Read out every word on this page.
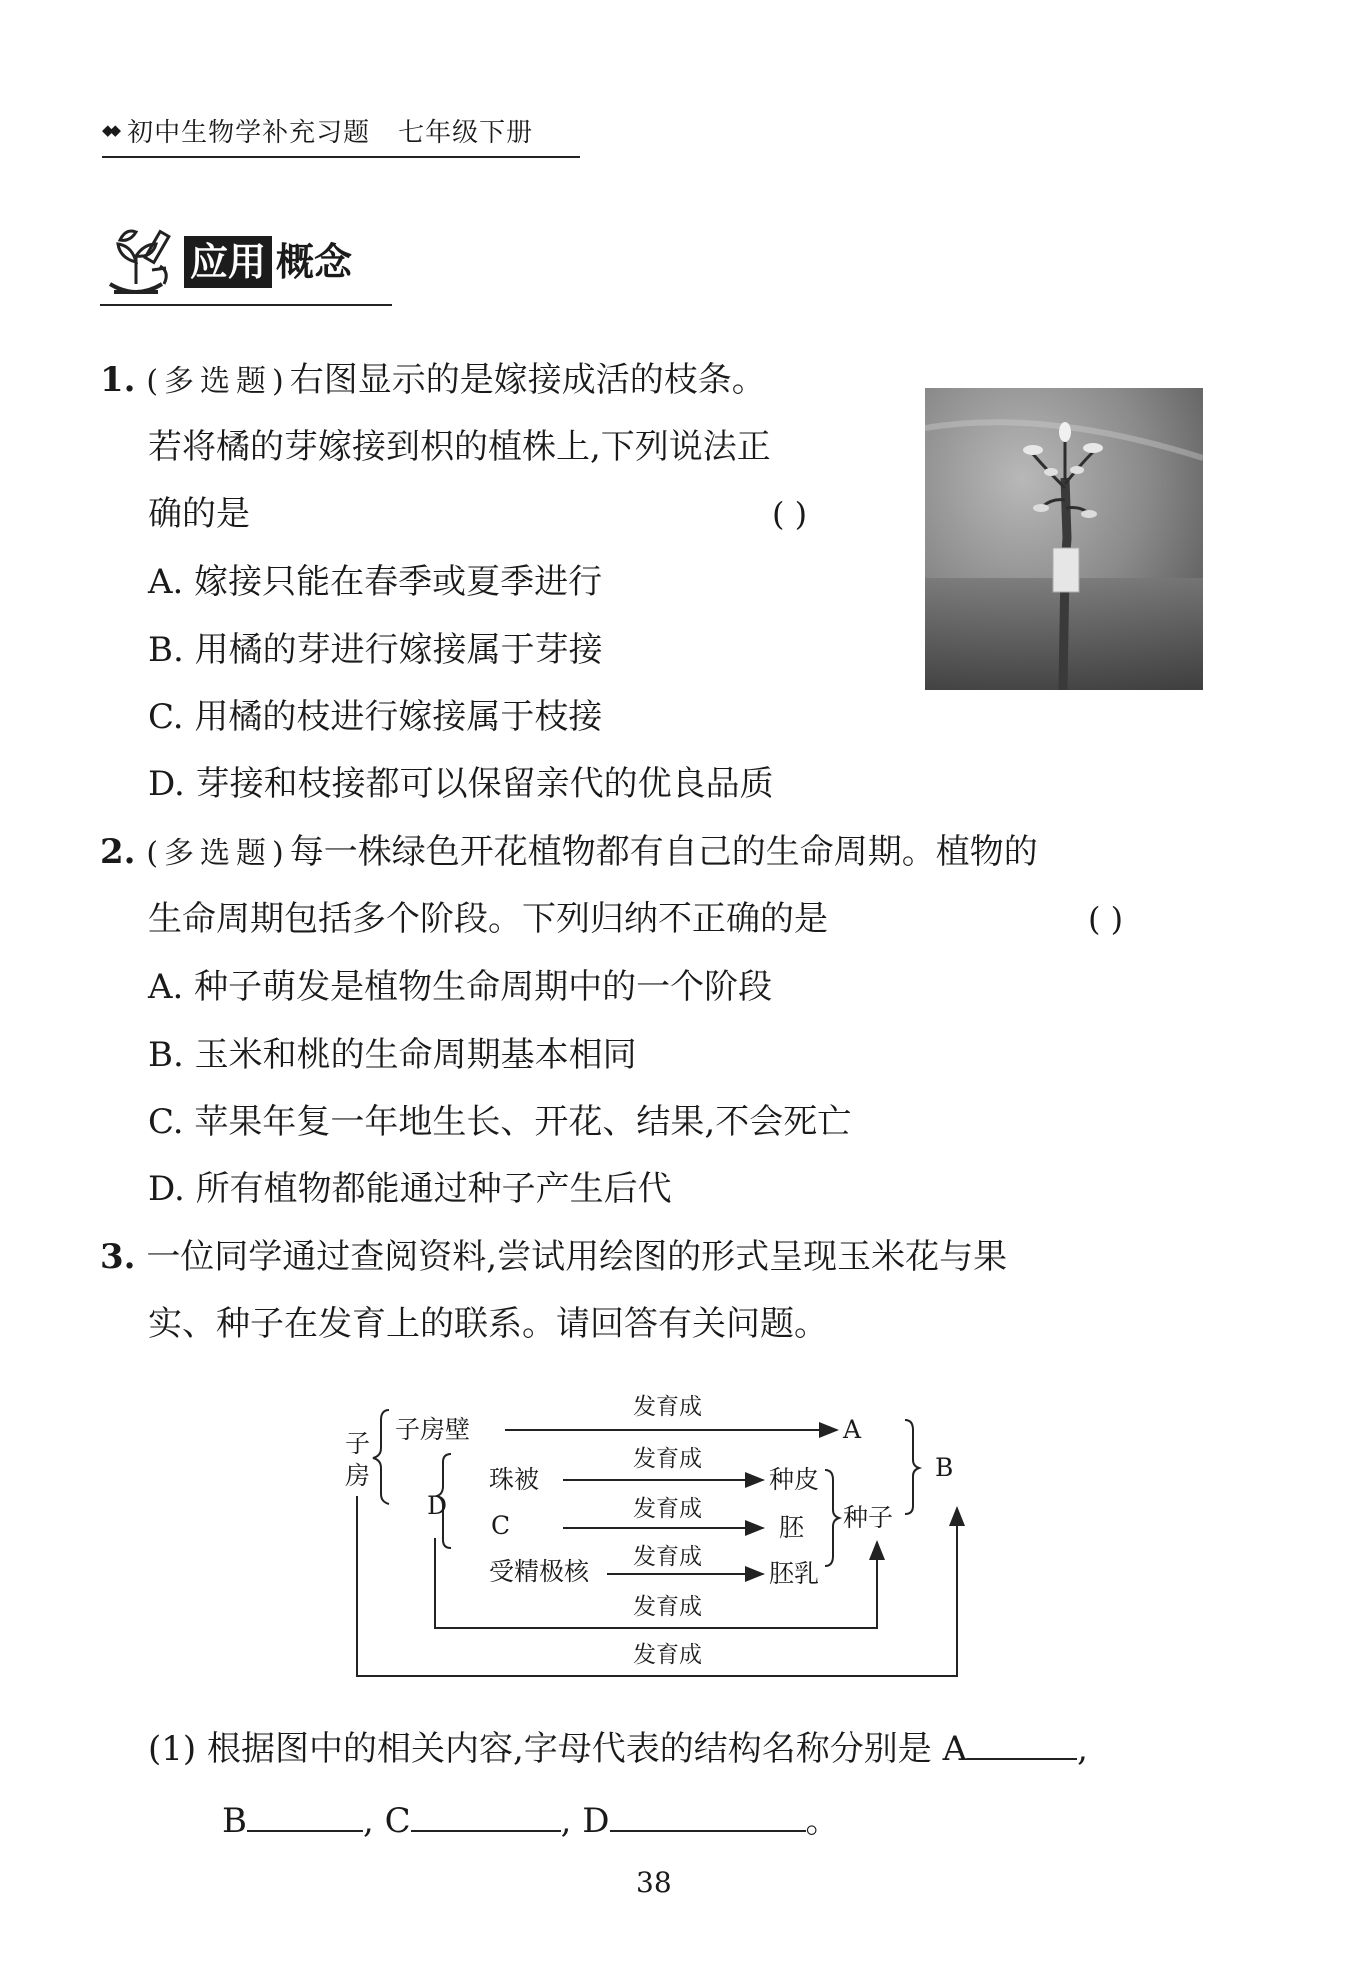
◆◆ 初中生物学补充习题 七年级下册
应用 概念
1. (多选题)右图显示的是嫁接成活的枝条。
若将橘的芽嫁接到枳的植株上,下列说法正
确的是	( )
A. 嫁接只能在春季或夏季进行
B. 用橘的芽进行嫁接属于芽接
C. 用橘的枝进行嫁接属于枝接
D. 芽接和枝接都可以保留亲代的优良品质
2. (多选题)每一株绿色开花植物都有自己的生命周期。植物的
生命周期包括多个阶段。下列归纳不正确的是	( )
A. 种子萌发是植物生命周期中的一个阶段
B. 玉米和桃的生命周期基本相同
C. 苹果年复一年地生长、开花、结果,不会死亡
D. 所有植物都能通过种子产生后代
3. 一位同学通过查阅资料,尝试用绘图的形式呈现玉米花与果
实、种子在发育上的联系。请回答有关问题。
子
房
子房壁
D
珠被
C
受精极核
发育成
发育成
发育成
发育成
发育成
发育成
A
种皮
胚
胚乳
种子
B
(1) 根据图中的相关内容,字母代表的结构名称分别是 A	,
B	, C	, D	。
38
